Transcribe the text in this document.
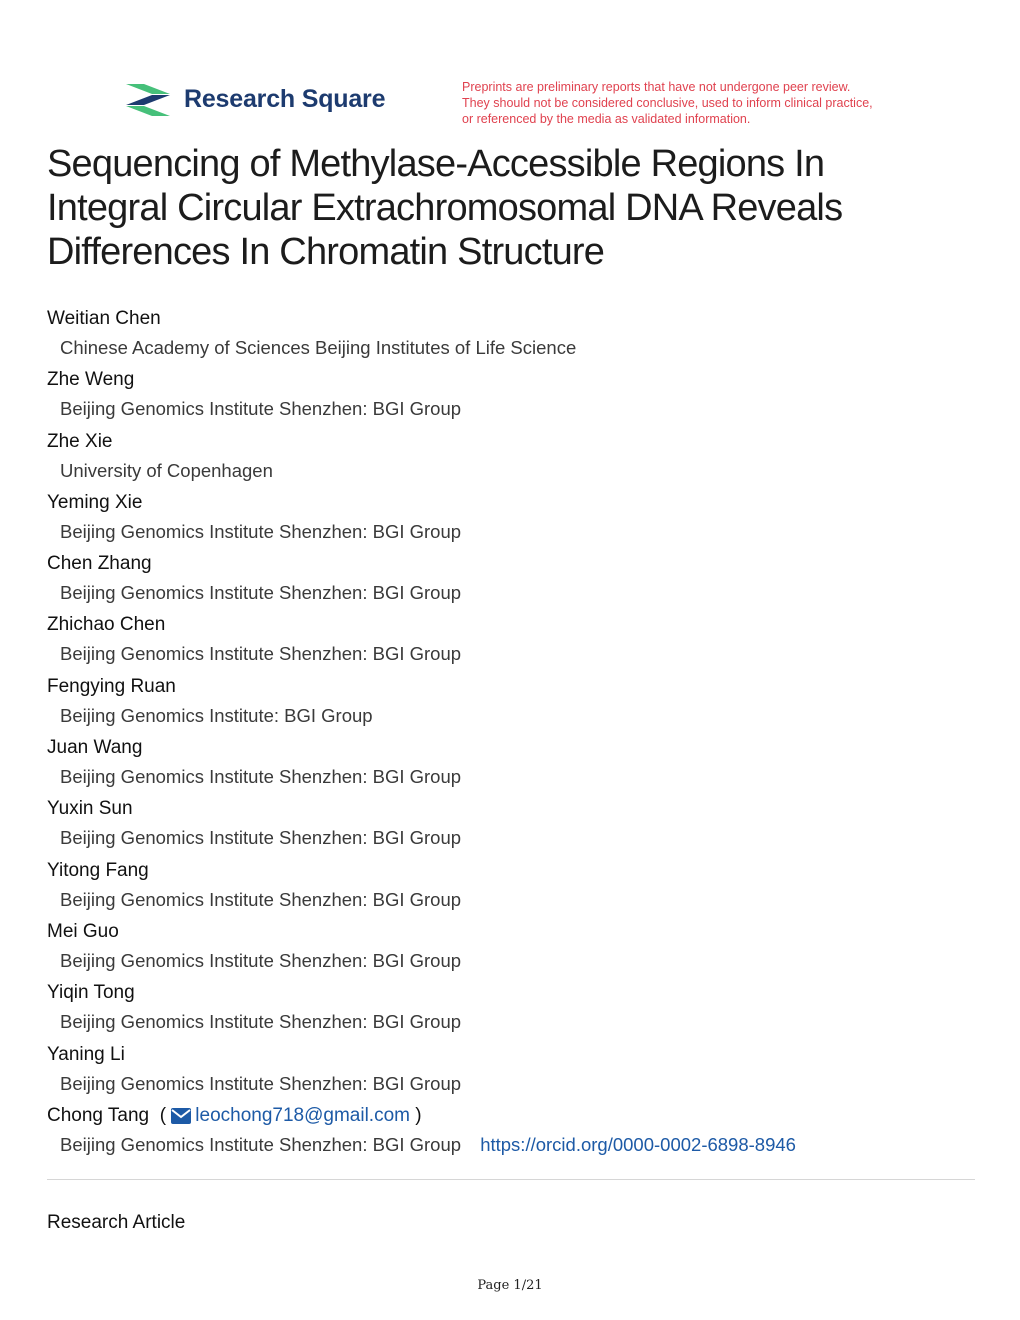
Research Square	Preprints are preliminary reports that have not undergone peer review.
They should not be considered conclusive, used to inform clinical practice,
or referenced by the media as validated information.
Sequencing of Methylase-Accessible Regions In
Integral Circular Extrachromosomal DNA Reveals
Differences In Chromatin Structure
Weitian Chen
Chinese Academy of Sciences Beijing Institutes of Life Science
Zhe Weng
Beijing Genomics Institute Shenzhen: BGI Group
Zhe Xie
University of Copenhagen
Yeming Xie
Beijing Genomics Institute Shenzhen: BGI Group
Chen Zhang
Beijing Genomics Institute Shenzhen: BGI Group
Zhichao Chen
Beijing Genomics Institute Shenzhen: BGI Group
Fengying Ruan
Beijing Genomics Institute: BGI Group
Juan Wang
Beijing Genomics Institute Shenzhen: BGI Group
Yuxin Sun
Beijing Genomics Institute Shenzhen: BGI Group
Yitong Fang
Beijing Genomics Institute Shenzhen: BGI Group
Mei Guo
Beijing Genomics Institute Shenzhen: BGI Group
Yiqin Tong
Beijing Genomics Institute Shenzhen: BGI Group
Yaning Li
Beijing Genomics Institute Shenzhen: BGI Group
Chong Tang ( leochong718@gmail.com )
Beijing Genomics Institute Shenzhen: BGI Group https://orcid.org/0000-0002-6898-8946
Research Article
Page 1/21
